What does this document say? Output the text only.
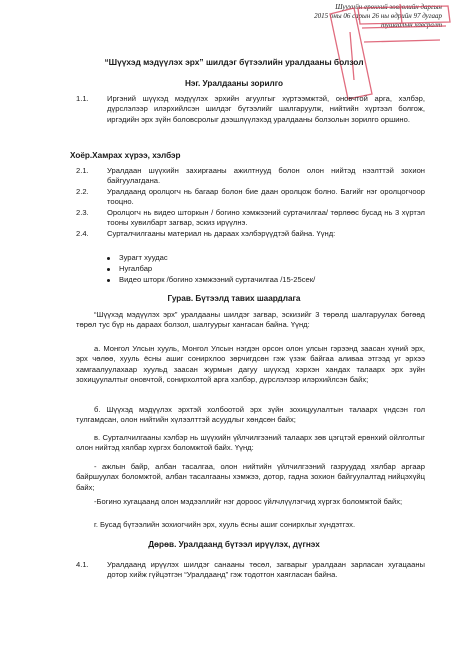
Шуухийн ерөнхий зөвлөлийн даргын
2015 оны 06 сарын 26 ны өдрийн 97 дугаар
тушаалын хавсралт
“Шүүхэд мэдүүлэх эрх” шилдэг бүтээлийн уралдааны болзол
Нэг. Уралдааны зорилго
1.1. Иргэний шүүхэд мэдүүлэх эрхийн агуулгыг хүртээмжтэй, оновчтой арга, хэлбэр, дүрслэлээр илэрхийлсэн шилдэг бүтээлийг шалгаруулж, нийтийн хүртээл болгож, иргэдийн эрх зүйн боловсролыг дээшлүүлэхэд уралдааны болзолын зорилго оршино.
Хоёр.Хамрах хүрээ, хэлбэр
2.1. Уралдаан шүүхийн захиргааны ажилтнууд болон олон нийтэд нээлттэй зохион байгуулагдана.
2.2. Уралдаанд оролцогч нь багаар болон бие даан оролцож болно. Багийг нэг оролцогчоор тооцно.
2.3. Оролцогч нь видео шторкын / богино хэмжээний суртачилгаа/ төрлөөс бусад нь 3 хүртэл тооны хувилбарт загвар, эскиз ирүүлнэ.
2.4. Сурталчилгааны материал нь дараах хэлбэрүүдтэй байна. Үүнд:
Зурагт хуудас
Нугалбар
Видео шторк /богино хэмжээний суртачилгаа /15-25сек/
Гурав. Бүтээлд тавих шаардлага
“Шүүхэд мэдүүлэх эрх” уралдааны шилдэг загвар, эскизийг 3 төрөлд шалгаруулах бөгөөд төрөл тус бүр нь дараах болзол, шалгуурыг хангасан байна. Үүнд:
а. Монгол Улсын хууль, Монгол Улсын нэгдэн орсон олон улсын гэрээнд заасан хүний эрх, эрх чөлөө, хууль ёсны ашиг сонирхлоо зөрчигдсөн гэж үзэж байгаа аливаа этгээд уг эрхээ хамгаалуулахаар хуульд заасан журмын дагуу шүүхэд хэрхэн хандах талаарх эрх зүйн зохицуулалтыг оновчтой, сонирхолтой арга хэлбэр, дүрслэлээр илэрхийлсэн байх;
б. Шүүхэд мэдүүлэх эрхтэй холбоотой эрх зүйн зохицуулалтын талаарх үндсэн гол тулгамдсан, олон нийтийн хүлээлттэй асуудлыг хөндсөн байх;
в. Сурталчилгааны хэлбэр нь шүүхийн үйлчилгээний талаарх зөв цэгцтэй ерөнхий ойлголтыг олон нийтэд хялбар хүргэх боломжтой байх. Үүнд:
- ажлын байр, албан тасалгаа, олон нийтийн үйлчилгээний газруудад хялбар аргаар байршуулах боломжтой, албан тасалгааны хэмжээ, дотор, гадна зохион байгуулалтад нийцэхүйц байх;
-Богино хугацаанд олон мэдээллийг нэг дороос үйлчлүүлэгчид хүргэх боломжтой байх;
г. Бусад бүтээлийн зохиогчийн эрх, хууль ёсны ашиг сонирхлыг хүндэтгэх.
Дөрөв. Уралдаанд бүтээл ирүүлэх, дүгнэх
4.1. Уралдаанд ирүүлэх шилдэг санааны төсөл, загварыг уралдаан зарласан хугацааны дотор хийж гүйцэтгэн “Уралдаанд” гэж тодотгон хаягласан байна.
